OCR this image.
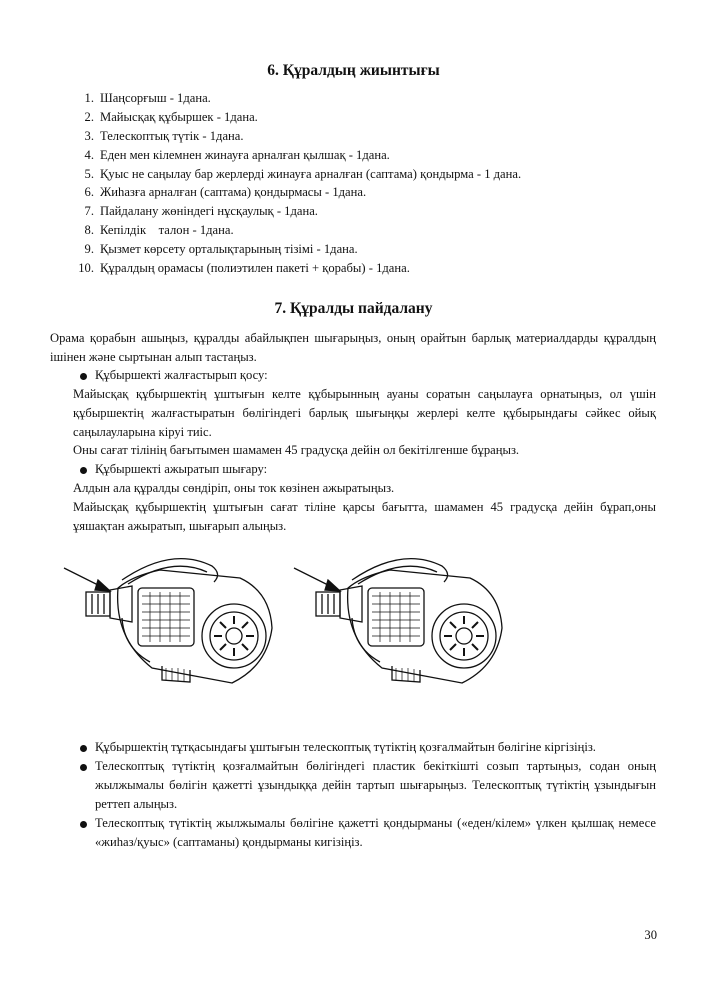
6. Құралдың жиынтығы
1. Шаңсорғыш - 1дана.
2. Майысқақ құбыршек - 1дана.
3. Телескоптық түтік - 1дана.
4. Еден мен кілемнен жинауға арналған қылшақ - 1дана.
5. Қуыс не саңылау бар жерлерді жинауға арналған (саптама) қондырма - 1 дана.
6. Жиhазға арналған (саптама) қондырмасы - 1дана.
7. Пайдалану жөніндегі нұсқаулық - 1дана.
8. Кепілдік    талон - 1дана.
9. Қызмет көрсету орталықтарының тізімі - 1дана.
10. Құралдың орамасы (полиэтилен пакеті + қорабы) - 1дана.
7. Құралды пайдалану
Орама қорабын ашыңыз, құралды абайлықпен шығарыңыз, оның орайтын барлық материалдарды құралдың ішінен және сыртынан алып тастаңыз.
Құбыршекті жалғастырып қосу:
Майысқақ құбыршектің ұштығын келте құбырынның ауаны соратын саңылауға орнатыңыз, ол үшін құбыршектің жалғастыратын бөлігіндегі барлық шығыңқы жерлері келте құбырындағы сәйкес ойық саңылауларына кіруі тиіс.
Оны сағат тілінің бағытымен шамамен 45 градусқа дейін ол бекітілгенше бұраңыз.
Құбыршекті ажыратып шығару:
Алдын ала құралды сөндіріп, оны ток көзінен ажыратыңыз.
Майысқақ құбыршектің ұштығын сағат тіліне қарсы бағытта, шамамен 45 градусқа дейін бұрап,оны ұяшақтан ажыратып, шығарып алыңыз.
Құбыршектің тұтқасындағы ұштығын телескоптық түтіктің қозғалмайтын бөлігіне кіргізіңіз.
Телескоптық түтіктің қозғалмайтын бөлігіндегі пластик бекіткішті созып тартыңыз, содан оның жылжымалы бөлігін қажетті ұзындыққа дейін тартып шығарыңыз. Телескоптық түтіктің ұзындығын реттеп алыңыз.
Телескоптық түтіктің жылжымалы бөлігіне қажетті қондырманы («еден/кілем» үлкен қылшақ немесе «жиhаз/қуыс» (саптаманы) қондырманы кигізіңіз.
30
